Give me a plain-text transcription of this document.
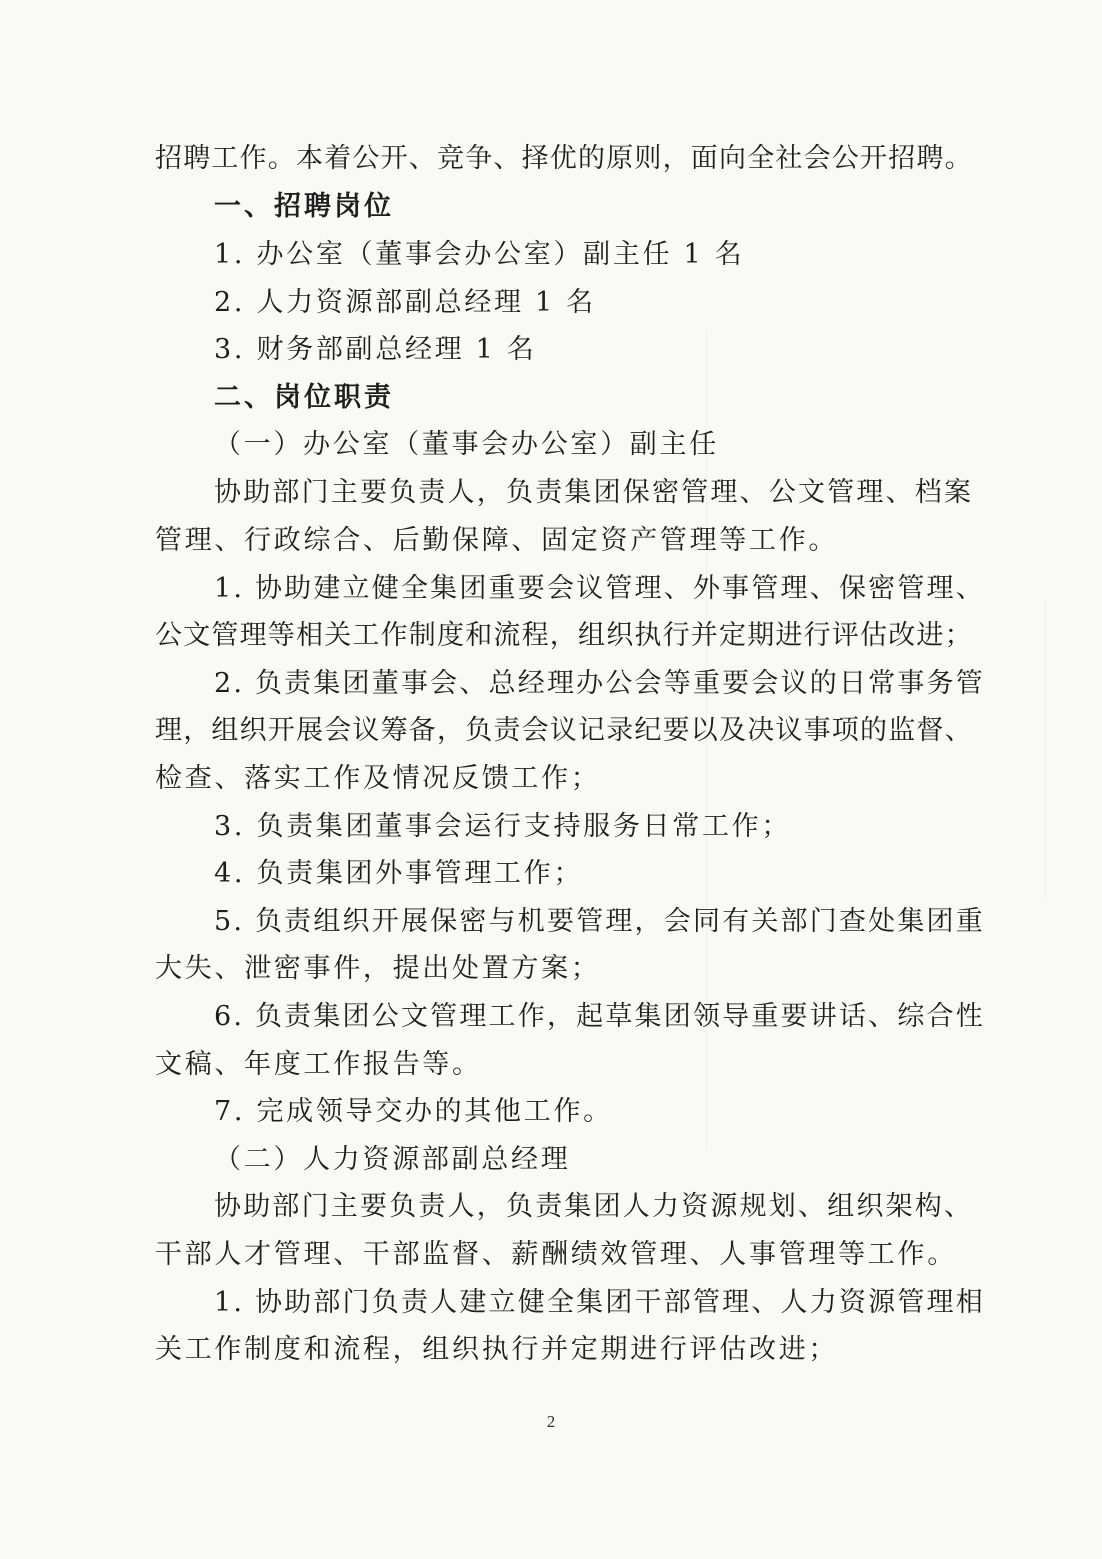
招聘工作。本着公开、竞争、择优的原则，面向全社会公开招聘。
一、招聘岗位
1. 办公室（董事会办公室）副主任 1 名
2. 人力资源部副总经理 1 名
3. 财务部副总经理 1 名
二、岗位职责
（一）办公室（董事会办公室）副主任
协助部门主要负责人，负责集团保密管理、公文管理、档案
管理、行政综合、后勤保障、固定资产管理等工作。
1. 协助建立健全集团重要会议管理、外事管理、保密管理、
公文管理等相关工作制度和流程，组织执行并定期进行评估改进；
2. 负责集团董事会、总经理办公会等重要会议的日常事务管
理，组织开展会议筹备，负责会议记录纪要以及决议事项的监督、
检查、落实工作及情况反馈工作；
3. 负责集团董事会运行支持服务日常工作；
4. 负责集团外事管理工作；
5. 负责组织开展保密与机要管理，会同有关部门查处集团重
大失、泄密事件，提出处置方案；
6. 负责集团公文管理工作，起草集团领导重要讲话、综合性
文稿、年度工作报告等。
7. 完成领导交办的其他工作。
（二）人力资源部副总经理
协助部门主要负责人，负责集团人力资源规划、组织架构、
干部人才管理、干部监督、薪酬绩效管理、人事管理等工作。
1. 协助部门负责人建立健全集团干部管理、人力资源管理相
关工作制度和流程，组织执行并定期进行评估改进；
2
